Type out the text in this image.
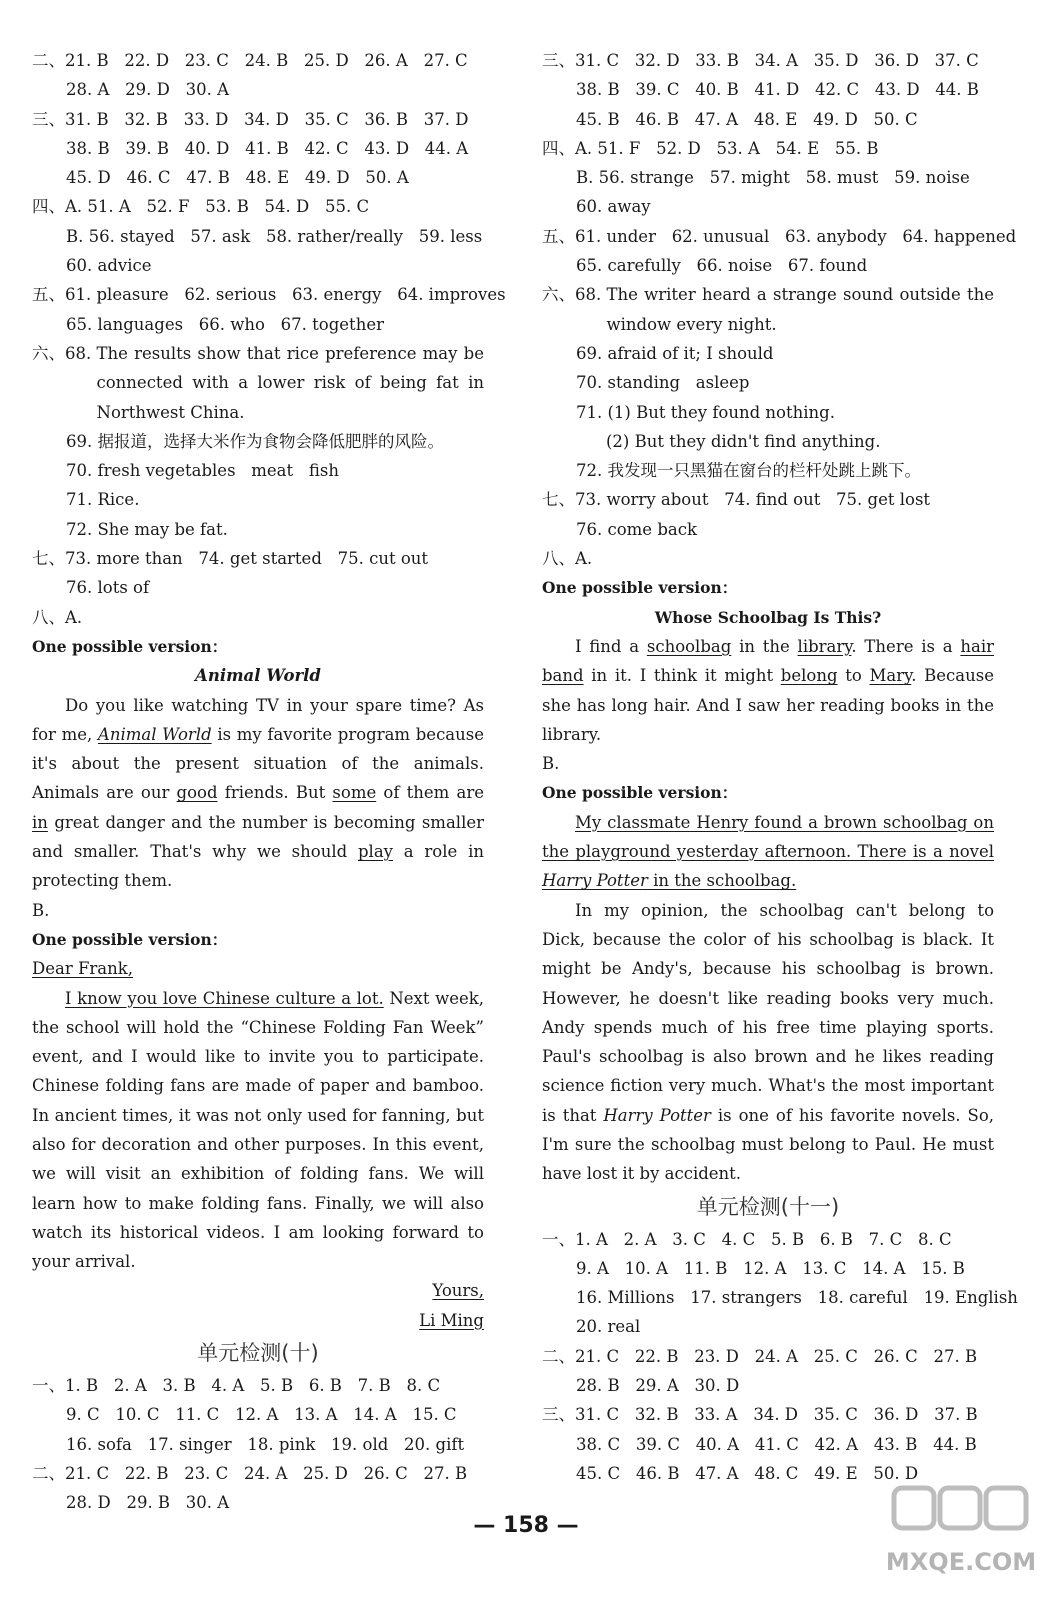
二、21. B   22. D   23. C   24. B   25. D   26. A   27. C
28. A   29. D   30. A
三、31. B   32. B   33. D   34. D   35. C   36. B   37. D
38. B   39. B   40. D   41. B   42. C   43. D   44. A
45. D   46. C   47. B   48. E   49. D   50. A
四、A. 51. A   52. F   53. B   54. D   55. C
B. 56. stayed   57. ask   58. rather/really   59. less
60. advice
五、61. pleasure   62. serious   63. energy   64. improves
65. languages   66. who   67. together
六、68. The results show that rice preference may be connected with a lower risk of being fat in Northwest China.
69. 据报道，选择大米作为食物会降低肥胖的风险。
70. fresh vegetables   meat   fish
71. Rice.
72. She may be fat.
七、73. more than   74. get started   75. cut out
76. lots of
八、A.
One possible version：
Animal World
Do you like watching TV in your spare time? As for me, Animal World is my favorite program because it's about the present situation of the animals. Animals are our good friends. But some of them are in great danger and the number is becoming smaller and smaller. That's why we should play a role in protecting them.
B.
One possible version：
Dear Frank,
I know you love Chinese culture a lot. Next week, the school will hold the “Chinese Folding Fan Week” event, and I would like to invite you to participate. Chinese folding fans are made of paper and bamboo. In ancient times, it was not only used for fanning, but also for decoration and other purposes. In this event, we will visit an exhibition of folding fans. We will learn how to make folding fans. Finally, we will also watch its historical videos. I am looking forward to your arrival.
Yours,
Li Ming
单元检测(十)
一、1. B   2. A   3. B   4. A   5. B   6. B   7. B   8. C
9. C   10. C   11. C   12. A   13. A   14. A   15. C
16. sofa   17. singer   18. pink   19. old   20. gift
二、21. C   22. B   23. C   24. A   25. D   26. C   27. B
28. D   29. B   30. A
三、31. C   32. D   33. B   34. A   35. D   36. D   37. C
38. B   39. C   40. B   41. D   42. C   43. D   44. B
45. B   46. B   47. A   48. E   49. D   50. C
四、A. 51. F   52. D   53. A   54. E   55. B
B. 56. strange   57. might   58. must   59. noise
60. away
五、61. under   62. unusual   63. anybody   64. happened
65. carefully   66. noise   67. found
六、68. The writer heard a strange sound outside the window every night.
69. afraid of it; I should
70. standing   asleep
71. (1) But they found nothing.
(2) But they didn't find anything.
72. 我发现一只黑猫在窗台的栏杆处跳上跳下。
七、73. worry about   74. find out   75. get lost
76. come back
八、A.
One possible version：
Whose Schoolbag Is This?
I find a schoolbag in the library. There is a hair band in it. I think it might belong to Mary. Because she has long hair. And I saw her reading books in the library.
B.
One possible version：
My classmate Henry found a brown schoolbag on the playground yesterday afternoon. There is a novel Harry Potter in the schoolbag.
In my opinion, the schoolbag can't belong to Dick, because the color of his schoolbag is black. It might be Andy's, because his schoolbag is brown. However, he doesn't like reading books very much. Andy spends much of his free time playing sports. Paul's schoolbag is also brown and he likes reading science fiction very much. What's the most important is that Harry Potter is one of his favorite novels. So, I'm sure the schoolbag must belong to Paul. He must have lost it by accident.
单元检测(十一)
一、1. A   2. A   3. C   4. C   5. B   6. B   7. C   8. C
9. A   10. A   11. B   12. A   13. C   14. A   15. B
16. Millions   17. strangers   18. careful   19. English
20. real
二、21. C   22. B   23. D   24. A   25. C   26. C   27. B
28. B   29. A   30. D
三、31. C   32. B   33. A   34. D   35. C   36. D   37. B
38. C   39. C   40. A   41. C   42. A   43. B   44. B
45. C   46. B   47. A   48. C   49. E   50. D
— 158 —
MXQE.COM
